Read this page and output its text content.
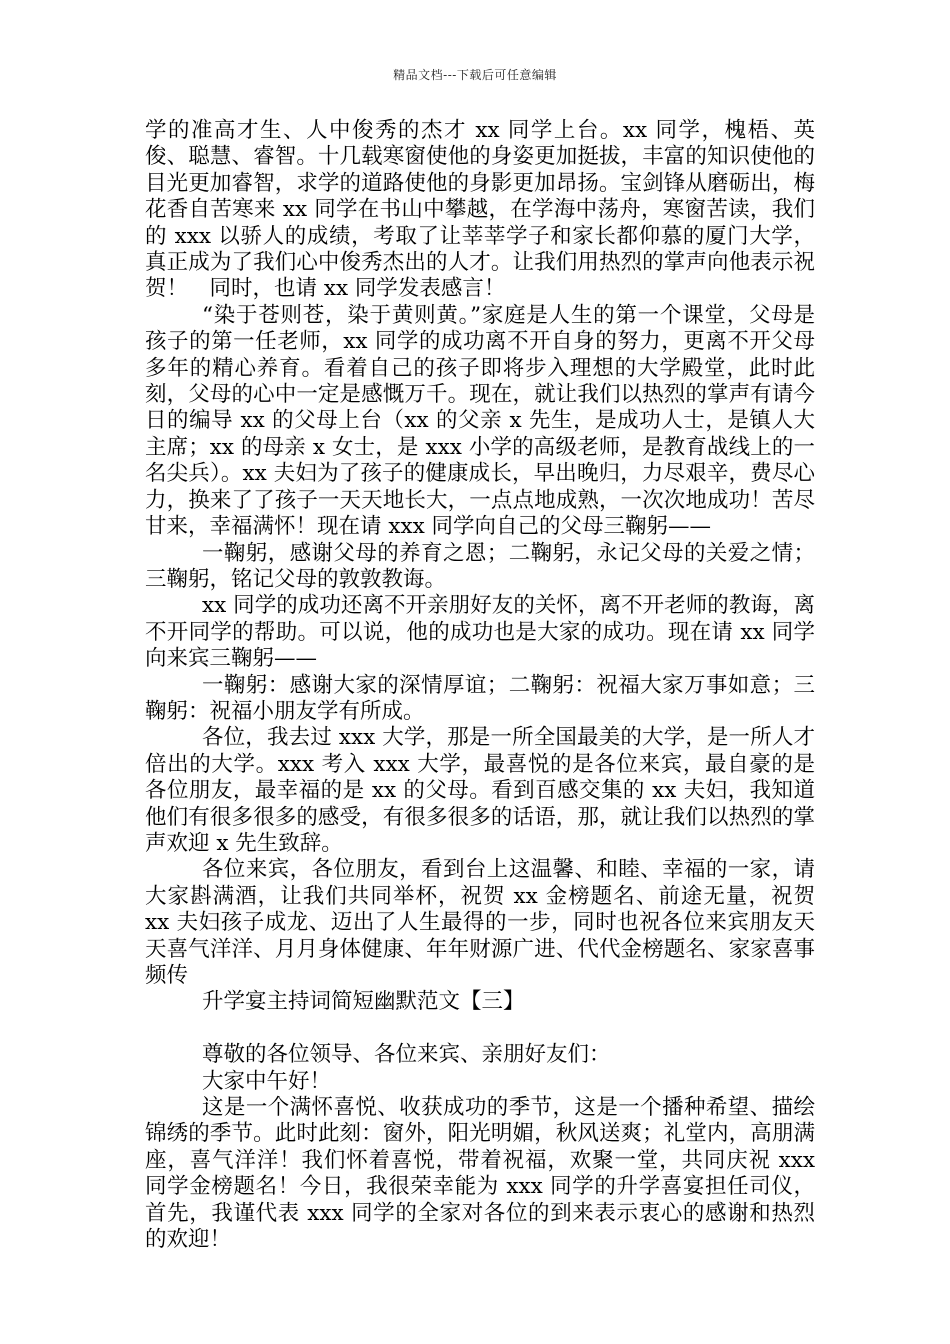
精品文档---下载后可任意编辑

学的准高才生、人中俊秀的杰才 xx 同学上台。xx 同学，槐梧、英俊、聪慧、睿智。十几载寒窗使他的身姿更加挺拔，丰富的知识使他的目光更加睿智，求学的道路使他的身影更加昂扬。宝剑锋从磨砺出，梅花香自苦寒来 xx 同学在书山中攀越，在学海中荡舟，寒窗苦读，我们的 xxx 以骄人的成绩，考取了让莘莘学子和家长都仰慕的厦门大学，真正成为了我们心中俊秀杰出的人才。让我们用热烈的掌声向他表示祝贺！　同时，也请 xx 同学发表感言！

“染于苍则苍，染于黄则黄。”家庭是人生的第一个课堂，父母是孩子的第一任老师，xx 同学的成功离不开自身的努力，更离不开父母多年的精心养育。看着自己的孩子即将步入理想的大学殿堂，此时此刻，父母的心中一定是感慨万千。现在，就让我们以热烈的掌声有请今日的编导 xx 的父母上台（xx 的父亲 x 先生，是成功人士，是镇人大主席；xx 的母亲 x 女士，是 xxx 小学的高级老师，是教育战线上的一名尖兵）。xx 夫妇为了孩子的健康成长，早出晚归，力尽艰辛，费尽心力，换来了了孩子一天天地长大，一点点地成熟，一次次地成功！苦尽甘来，幸福满怀！现在请 xxx 同学向自己的父母三鞠躬——

一鞠躬，感谢父母的养育之恩；二鞠躬，永记父母的关爱之情；三鞠躬，铭记父母的敦敦教诲。

xx 同学的成功还离不开亲朋好友的关怀，离不开老师的教诲，离不开同学的帮助。可以说，他的成功也是大家的成功。现在请 xx 同学向来宾三鞠躬——

一鞠躬：感谢大家的深情厚谊；二鞠躬：祝福大家万事如意；三鞠躬：祝福小朋友学有所成。

各位，我去过 xxx 大学，那是一所全国最美的大学，是一所人才倍出的大学。xxx 考入 xxx 大学，最喜悦的是各位来宾，最自豪的是各位朋友，最幸福的是 xx 的父母。看到百感交集的 xx 夫妇，我知道他们有很多很多的感受，有很多很多的话语，那，就让我们以热烈的掌声欢迎 x 先生致辞。

各位来宾，各位朋友，看到台上这温馨、和睦、幸福的一家，请大家斟满酒，让我们共同举杯，祝贺 xx 金榜题名、前途无量，祝贺 xx 夫妇孩子成龙、迈出了人生最得的一步，同时也祝各位来宾朋友天天喜气洋洋、月月身体健康、年年财源广进、代代金榜题名、家家喜事频传

升学宴主持词简短幽默范文【三】

尊敬的各位领导、各位来宾、亲朋好友们：

大家中午好！

这是一个满怀喜悦、收获成功的季节，这是一个播种希望、描绘锦绣的季节。此时此刻：窗外，阳光明媚，秋风送爽；礼堂内，高朋满座，喜气洋洋！我们怀着喜悦，带着祝福，欢聚一堂，共同庆祝 xxx 同学金榜题名！今日，我很荣幸能为 xxx 同学的升学喜宴担任司仪，首先，我谨代表 xxx 同学的全家对各位的到来表示衷心的感谢和热烈的欢迎！
